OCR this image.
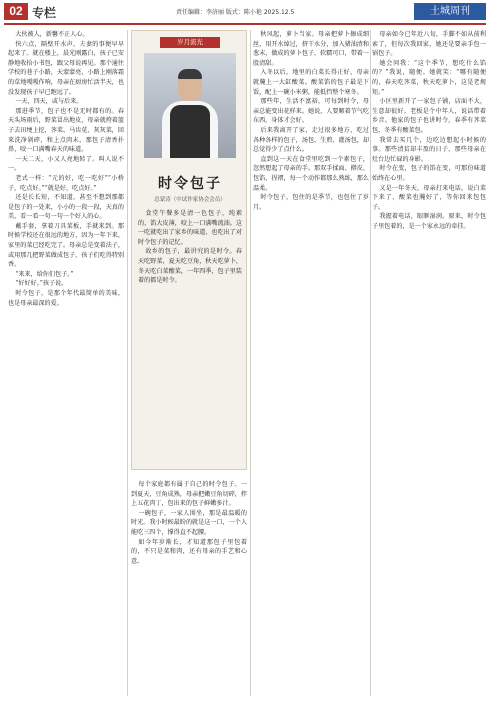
02 专栏	责任编辑：李济丽 版式：陈小艳 2025.12.5	土城周刊

大伙被人，新馨不正人心。

快六点，隔壁开水声，夫妻的事便早早起来了。就在楼上，晨光刚露白，孩子已安静地收拾小书包，跟父母说再见。那个通往学校的巷子小路，天蒙蒙亮，小路上刚落霜的草地嘎嘎作响，母亲在厨房忙活半天，也没发现孩子早已跑远了。

一天，四天，或与后来。

那进季节，包子也不是无时都有的。春天头场雨后，野菜冒出地皮，母亲就挎着篮子去田埂上挖，荠菜、马齿苋、灰灰菜，回来洗净剁碎，和上点肉末，那包子清香扑鼻，咬一口满嘴春天的味道。

一天二天，小又人亮地转了。叫人说不一。

老式一样：“元的好，吃一吃好”“小桥子，吃点好。”“就是好，吃点好。”

还是长长短，不知道，甚至不想到那都是包子的一处来，小小的一段一段，天真的美，看一看一句一句一个好人的心。

戴手套，拿着刀具菜板，手就来到。那时候学校还在很远的地方，因为一年下来，家里的菜已经吃完了。母亲总是变着法子，或用那几把野菜做成包子，孩子们吃得特别香。

“来来，给你们包子。”

“好好好。”孩子说。

时令包子，是那个年代最简单的美味，也是母亲最深的爱。

岁月流光
时令包子
总蒙涛（中试作家协会会员）

食堂午餐多是清一色包子，纯素的，馅大皮薄，咬上一口满嘴流油。这一吃就吃出了家乡的味道，也吃出了对时令包子的记忆。

故乡的包子，最讲究的是时令。春天吃野菜，夏天吃豆角，秋天吃萝卜，冬天吃白菜酸菜，一年四季，包子里装着的都是时令。

每个家庭都有属于自己的时令包子。一到夏天，豆角成熟，母亲把嫩豆角切碎，拌上五花肉丁，包出来的包子鲜嫩多汁。

一碗包子，一家人围坐，那是最温暖的时光。我小时候最盼的就是这一口，一个人能吃三四个，撑得直不起腰。

如今年岁渐长，才知道那包子里包着的，不只是菜和肉，还有母亲的手艺和心意。

秋风起，萝卜当家。母亲把萝卜擦成细丝，用开水焯过，挤干水分，加入猪油渣和葱末，做成的萝卜包子，软糯可口，带着一股清甜。

入冬以后，地里的白菜长得正好，母亲就腌上一大缸酸菜。酸菜馅的包子最是下饭，配上一碗小米粥，能抵挡整个寒冬。

那些年，生活不富裕，可每到时令，母亲总能变出花样来。她说，人要顺着节气吃东西，身体才会好。

后来我离开了家，走过很多地方，吃过各种各样的包子，汤包、生煎、灌汤包，却总觉得少了点什么。

直到这一天在食堂里吃到一个素包子，忽然想起了母亲的手。那双手揉面、擀皮、包馅、捏褶，每一个动作都那么熟练，那么温柔。

时令包子，包住的是季节，也包住了岁月。

母亲如今已年近八旬，手脚不如从前利索了，但每次我回家，她还是要亲手包一锅包子。

她会问我：“这个季节，想吃什么馅的？”我说，随便。她就笑：“哪有随便的，春天吃荠菜，秋天吃萝卜，这是老规矩。”

小区里新开了一家包子铺，店面不大，生意却很好。老板是个中年人，说话带着乡音。他家的包子也讲时令，春季有荠菜包，冬季有酸菜包。

我常去买几个，边吃边想起小时候的事。那些清贫却丰盈的日子，那些母亲在灶台边忙碌的身影。

时令在变，包子的馅在变，可那份味道始终在心里。

又是一年冬天，母亲打来电话，说白菜下来了，酸菜也腌好了，等你回来包包子。

我握着电话，眼眶湿润。原来，时令包子里包着的，是一个家永远的牵挂。
